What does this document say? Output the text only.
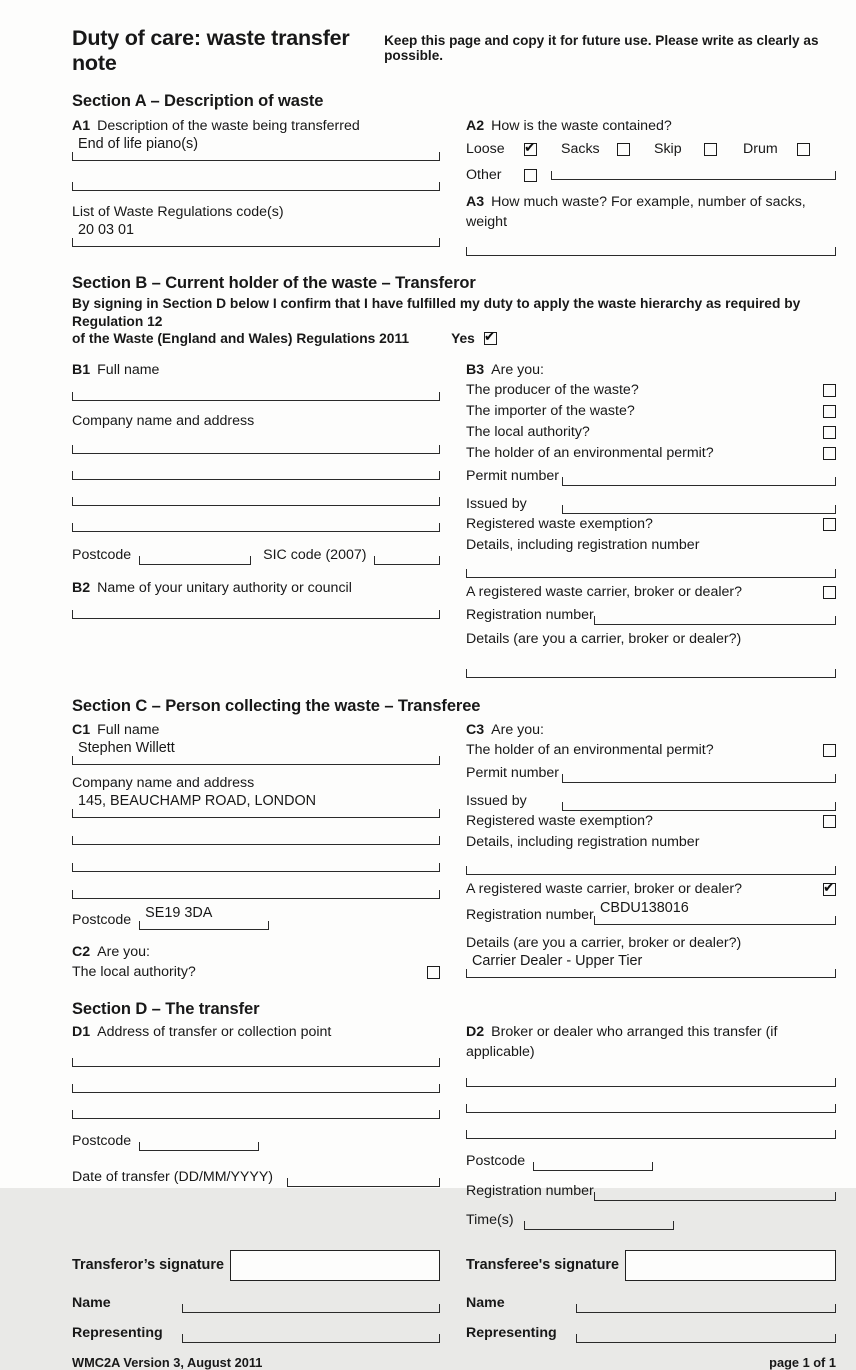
Duty of care: waste transfer note
Keep this page and copy it for future use. Please write as clearly as possible.
Section A – Description of waste
A1 Description of the waste being transferred
End of life piano(s)
List of Waste Regulations code(s)
20 03 01
A2 How is the waste contained?
Loose ✔	Sacks	Skip	Drum
Other
A3 How much waste? For example, number of sacks, weight
Section B – Current holder of the waste – Transferor
By signing in Section D below I confirm that I have fulfilled my duty to apply the waste hierarchy as required by Regulation 12
of the Waste (England and Wales) Regulations 2011	Yes
✔
B1 Full name
Company name and address
Postcode	SIC code (2007)
B2 Name of your unitary authority or council
B3 Are you:
The producer of the waste?
The importer of the waste?
The local authority?
The holder of an environmental permit?
Permit number
Issued by
Registered waste exemption?
Details, including registration number
A registered waste carrier, broker or dealer?
Registration number
Details (are you a carrier, broker or dealer?)
Section C – Person collecting the waste – Transferee
C1 Full name
Stephen Willett
Company name and address
145, BEAUCHAMP ROAD, LONDON
Postcode SE19 3DA
C2 Are you:
The local authority?
C3 Are you:
The holder of an environmental permit?
Permit number
Issued by
Registered waste exemption?
Details, including registration number
A registered waste carrier, broker or dealer?
✔
Registration number CBDU138016
Details (are you a carrier, broker or dealer?)
Carrier Dealer - Upper Tier
Section D – The transfer
D1 Address of transfer or collection point
Postcode
Date of transfer (DD/MM/YYYY)
D2 Broker or dealer who arranged this transfer (if applicable)
Postcode
Registration number
Time(s)
Transferor’s signature
Name
Representing
Transferee's signature
Name
Representing
WMC2A Version 3, August 2011	page 1 of 1
